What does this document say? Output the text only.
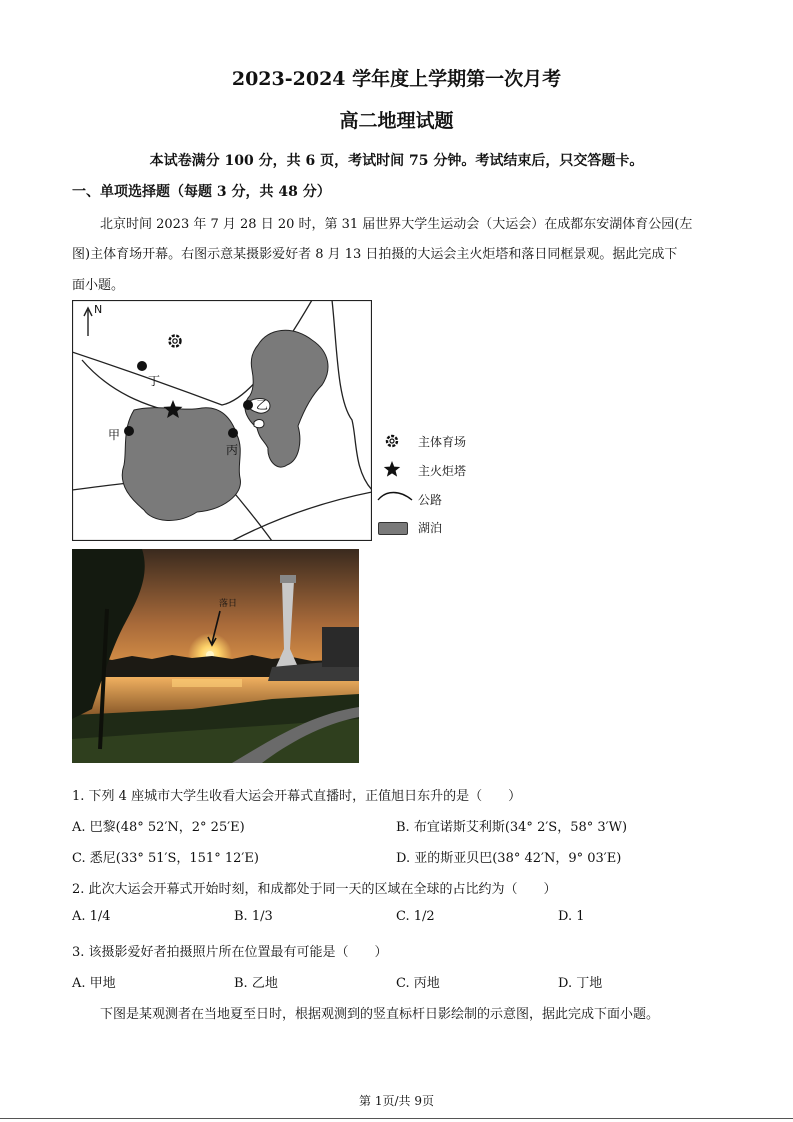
2023-2024 学年度上学期第一次月考
高二地理试题
本试卷满分 100 分，共 6 页，考试时间 75 分钟。考试结束后，只交答题卡。
一、单项选择题（每题 3 分，共 48 分）
北京时间 2023 年 7 月 28 日 20 时，第 31 届世界大学生运动会（大运会）在成都东安湖体育公园(左
图)主体育场开幕。右图示意某摄影爱好者 8 月 13 日拍摄的大运会主火炬塔和落日同框景观。据此完成下
面小题。
丁
甲
乙
丙
N
主体育场
主火炬塔
公路
湖泊
落日
1. 下列 4 座城市大学生收看大运会开幕式直播时，正值旭日东升的是（　　）
A. 巴黎(48° 52′N，2° 25′E)	B. 布宜诺斯艾利斯(34° 2′S，58° 3′W)
C. 悉尼(33° 51′S，151° 12′E)	D. 亚的斯亚贝巴(38° 42′N，9° 03′E)
2. 此次大运会开幕式开始时刻，和成都处于同一天的区域在全球的占比约为（　　）
A. 1/4	B. 1/3	C. 1/2	D. 1
3. 该摄影爱好者拍摄照片所在位置最有可能是（　　）
A. 甲地	B. 乙地	C. 丙地	D. 丁地
下图是某观测者在当地夏至日时，根据观测到的竖直标杆日影绘制的示意图，据此完成下面小题。
第 1页/共 9页
